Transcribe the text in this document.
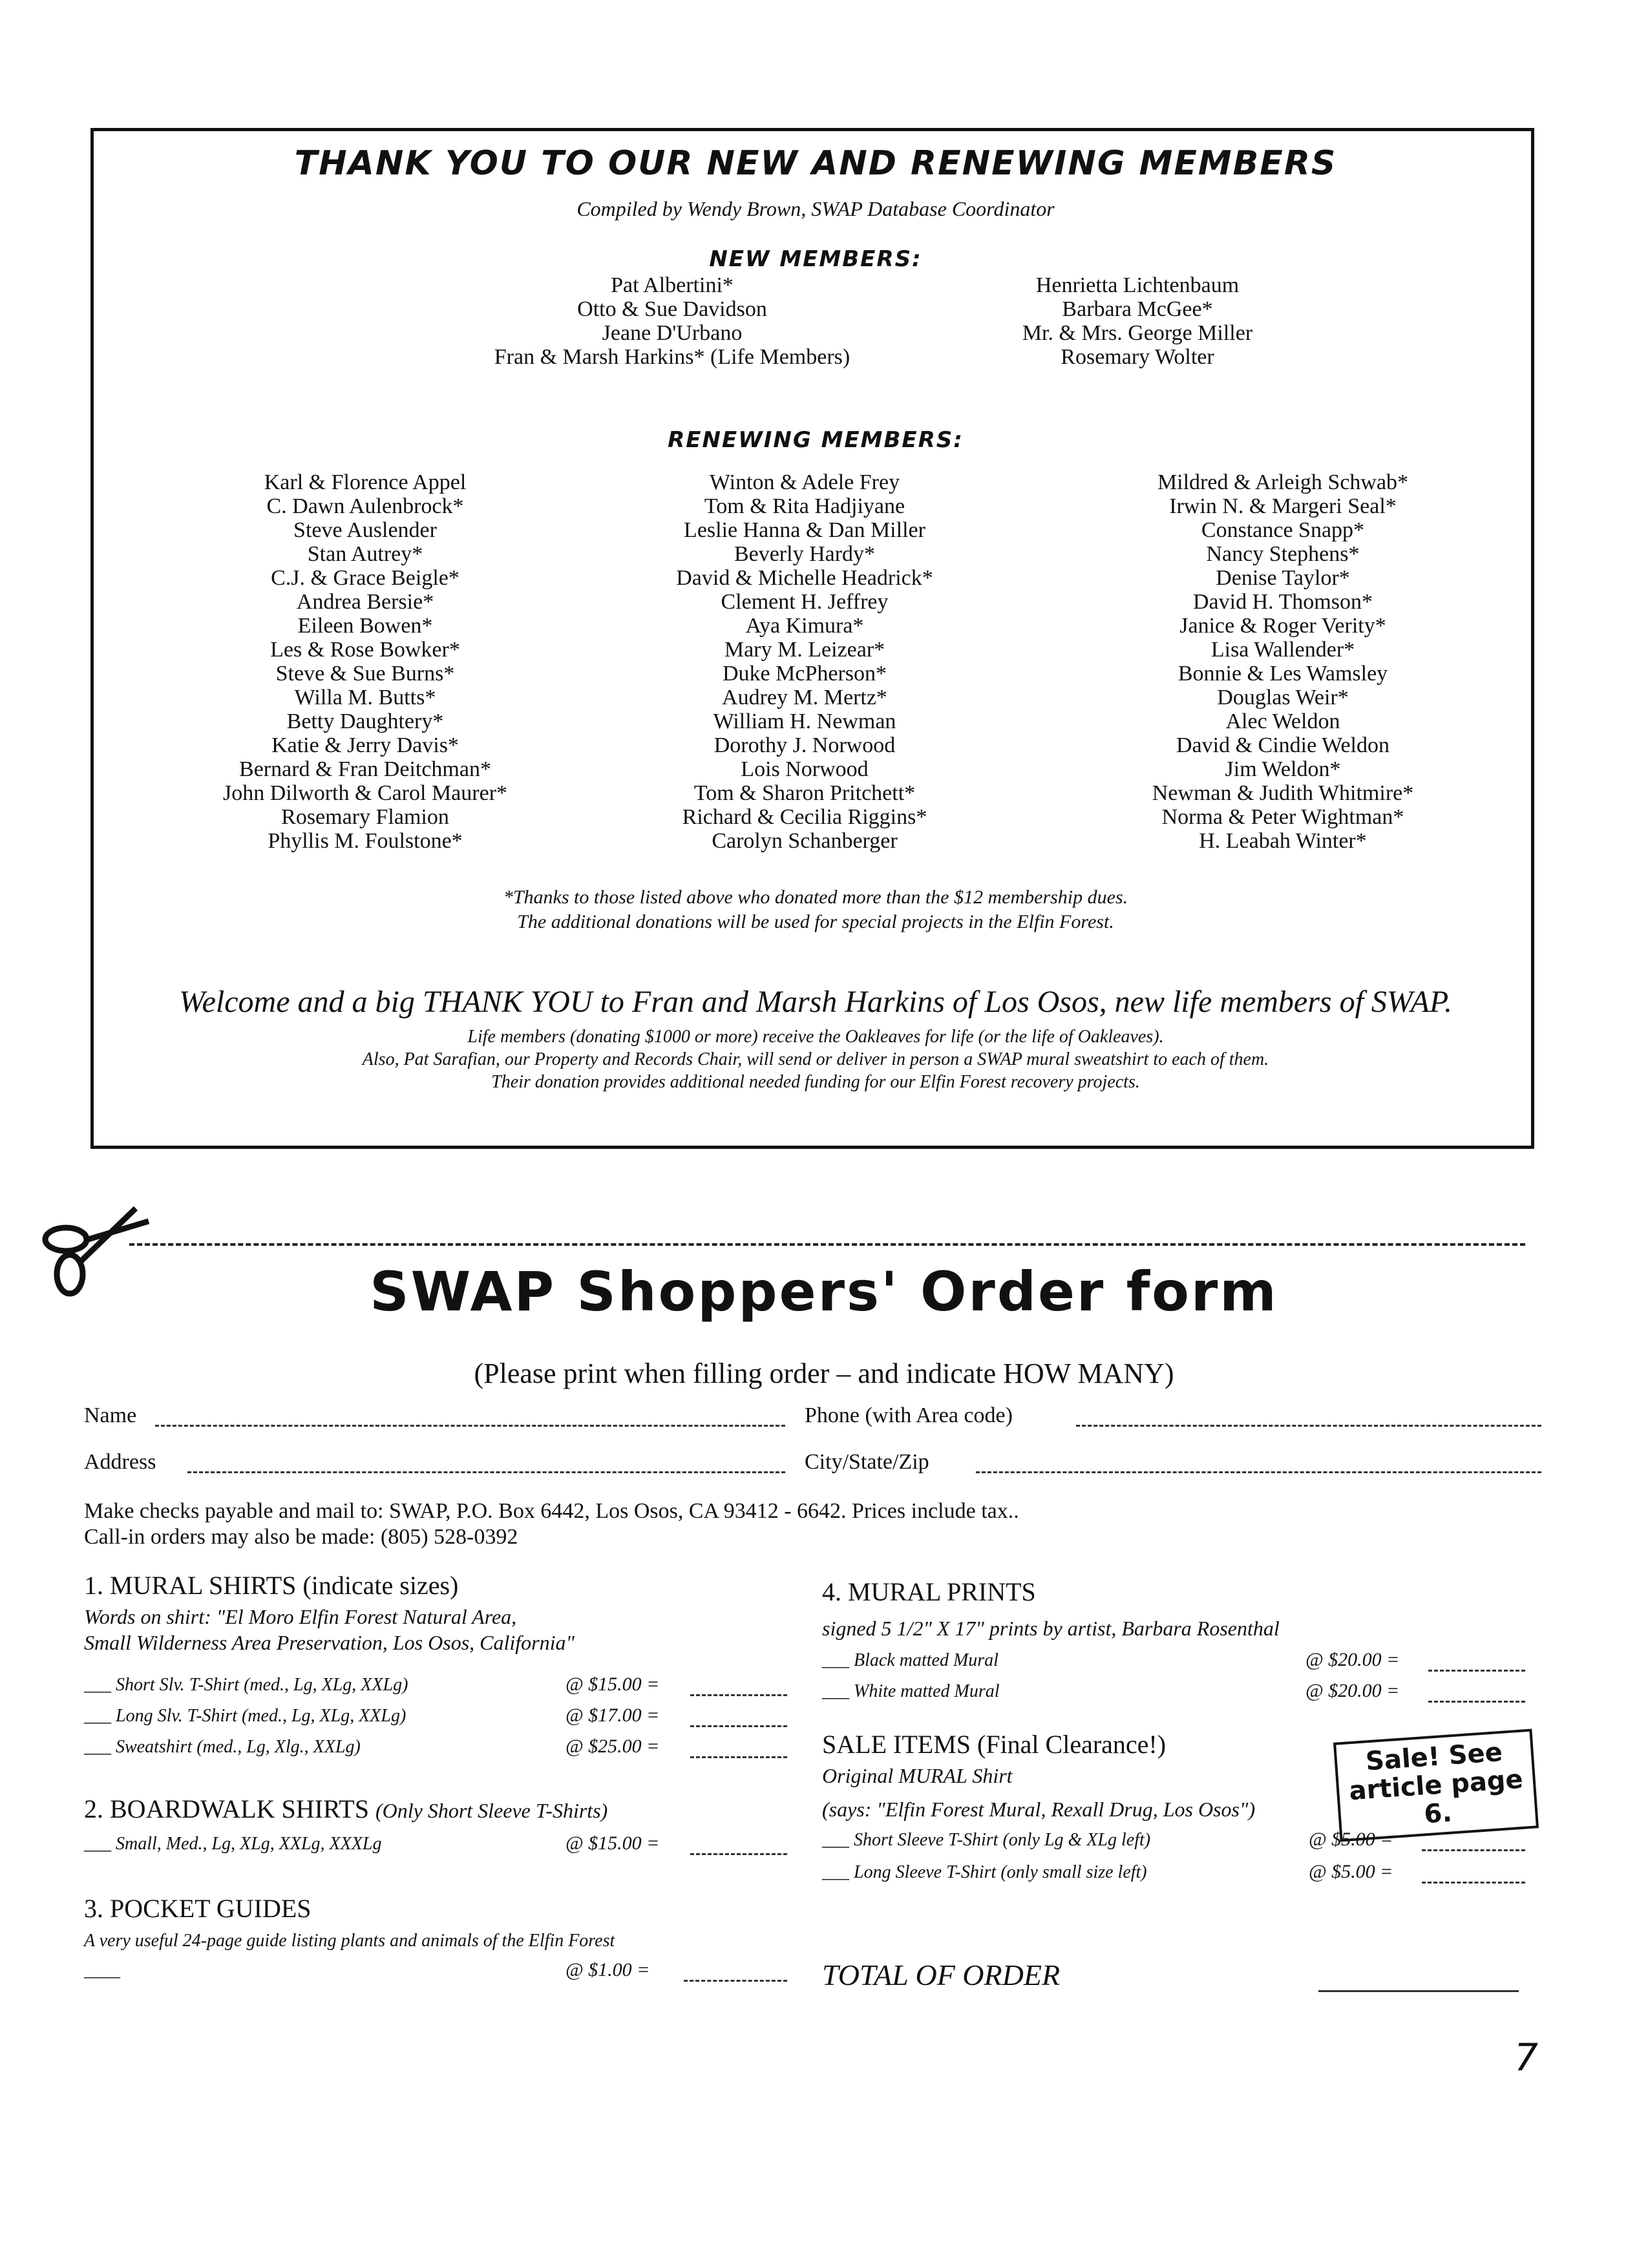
THANK YOU TO OUR NEW AND RENEWING MEMBERS
Compiled by Wendy Brown, SWAP Database Coordinator
NEW MEMBERS:
Pat Albertini*
Otto & Sue Davidson
Jeane D'Urbano
Fran & Marsh Harkins* (Life Members)
Henrietta Lichtenbaum
Barbara McGee*
Mr. & Mrs. George Miller
Rosemary Wolter
RENEWING MEMBERS:
Karl & Florence Appel
C. Dawn Aulenbrock*
Steve Auslender
Stan Autrey*
C.J. & Grace Beigle*
Andrea Bersie*
Eileen Bowen*
Les & Rose Bowker*
Steve & Sue Burns*
Willa M. Butts*
Betty Daughtery*
Katie & Jerry Davis*
Bernard & Fran Deitchman*
John Dilworth & Carol Maurer*
Rosemary Flamion
Phyllis M. Foulstone*
Winton & Adele Frey
Tom & Rita Hadjiyane
Leslie Hanna & Dan Miller
Beverly Hardy*
David & Michelle Headrick*
Clement H. Jeffrey
Aya Kimura*
Mary M. Leizear*
Duke McPherson*
Audrey M. Mertz*
William H. Newman
Dorothy J. Norwood
Lois Norwood
Tom & Sharon Pritchett*
Richard & Cecilia Riggins*
Carolyn Schanberger
Mildred & Arleigh Schwab*
Irwin N. & Margeri Seal*
Constance Snapp*
Nancy Stephens*
Denise Taylor*
David H. Thomson*
Janice & Roger Verity*
Lisa Wallender*
Bonnie & Les Wamsley
Douglas Weir*
Alec Weldon
David & Cindie Weldon
Jim Weldon*
Newman & Judith Whitmire*
Norma & Peter Wightman*
H. Leabah Winter*
*Thanks to those listed above who donated more than the $12 membership dues.
The additional donations will be used for special projects in the Elfin Forest.
Welcome and a big THANK YOU to Fran and Marsh Harkins of Los Osos, new life members of SWAP.
Life members (donating $1000 or more) receive the Oakleaves for life (or the life of Oakleaves).
Also, Pat Sarafian, our Property and Records Chair, will send or deliver in person a SWAP mural sweatshirt to each of them.
Their donation provides additional needed funding for our Elfin Forest recovery projects.
SWAP Shoppers' Order form
(Please print when filling order – and indicate HOW MANY)
Name	Phone (with Area code)
Address	City/State/Zip
Make checks payable and mail to: SWAP, P.O. Box 6442, Los Osos, CA 93412 - 6642. Prices include tax..
Call-in orders may also be made: (805) 528-0392
1. MURAL SHIRTS (indicate sizes)
Words on shirt: "El Moro Elfin Forest Natural Area,
Small Wilderness Area Preservation, Los Osos, California"
___ Short Slv. T-Shirt (med., Lg, XLg, XXLg)	@ $15.00 =
___ Long Slv. T-Shirt (med., Lg, XLg, XXLg)	@ $17.00 =
___ Sweatshirt (med., Lg, Xlg., XXLg)	@ $25.00 =
2. BOARDWALK SHIRTS (Only Short Sleeve T-Shirts)
___ Small, Med., Lg, XLg, XXLg, XXXLg	@ $15.00 =
3. POCKET GUIDES
A very useful 24-page guide listing plants and animals of the Elfin Forest
____	@ $1.00 =
4. MURAL PRINTS
signed 5 1/2" X 17" prints by artist, Barbara Rosenthal
___ Black matted Mural	@ $20.00 =
___ White matted Mural	@ $20.00 =
SALE ITEMS (Final Clearance!)
Original MURAL Shirt
(says: "Elfin Forest Mural, Rexall Drug, Los Osos")
___ Short Sleeve T-Shirt (only Lg & XLg left)	@ $5.00 =
___ Long Sleeve T-Shirt (only small size left)	@ $5.00 =
Sale! See article page 6.
TOTAL OF ORDER
7
